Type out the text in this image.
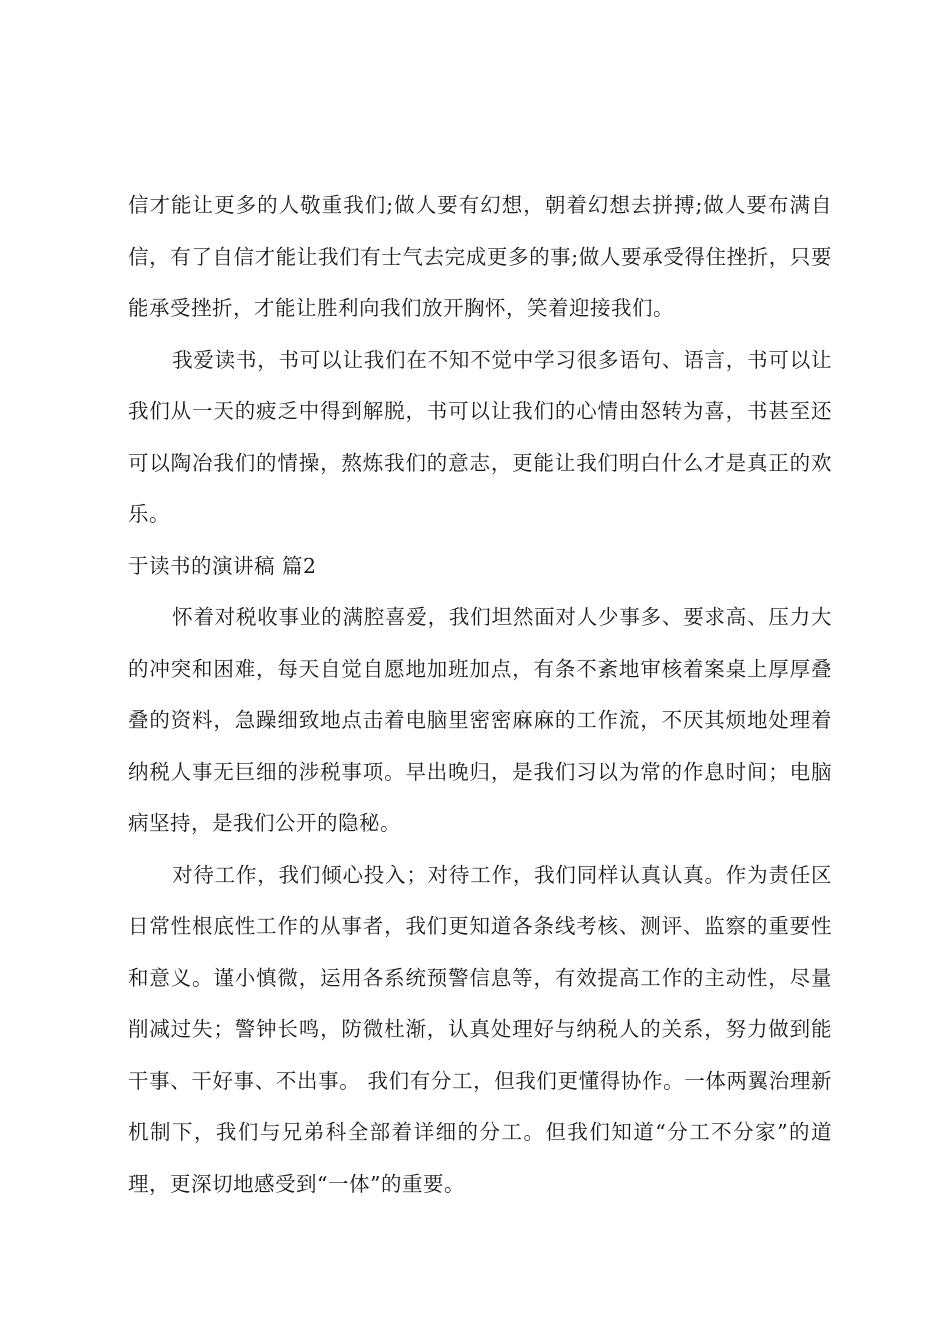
信才能让更多的人敬重我们;做人要有幻想，朝着幻想去拼搏;做人要布满自信，有了自信才能让我们有士气去完成更多的事;做人要承受得住挫折，只要能承受挫折，才能让胜利向我们放开胸怀，笑着迎接我们。

我爱读书，书可以让我们在不知不觉中学习很多语句、语言，书可以让我们从一天的疲乏中得到解脱，书可以让我们的心情由怒转为喜，书甚至还可以陶冶我们的情操，熬炼我们的意志，更能让我们明白什么才是真正的欢乐。

于读书的演讲稿 篇2

怀着对税收事业的满腔喜爱，我们坦然面对人少事多、要求高、压力大的冲突和困难，每天自觉自愿地加班加点，有条不紊地审核着案桌上厚厚叠叠的资料，急躁细致地点击着电脑里密密麻麻的工作流，不厌其烦地处理着纳税人事无巨细的涉税事项。早出晚归，是我们习以为常的作息时间；电脑病坚持，是我们公开的隐秘。

对待工作，我们倾心投入；对待工作，我们同样认真认真。作为责任区日常性根底性工作的从事者，我们更知道各条线考核、测评、监察的重要性和意义。谨小慎微，运用各系统预警信息等，有效提高工作的主动性，尽量削减过失；警钟长鸣，防微杜渐，认真处理好与纳税人的关系，努力做到能干事、干好事、不出事。 我们有分工，但我们更懂得协作。一体两翼治理新机制下，我们与兄弟科全部着详细的分工。但我们知道“分工不分家”的道理，更深切地感受到“一体”的重要。
